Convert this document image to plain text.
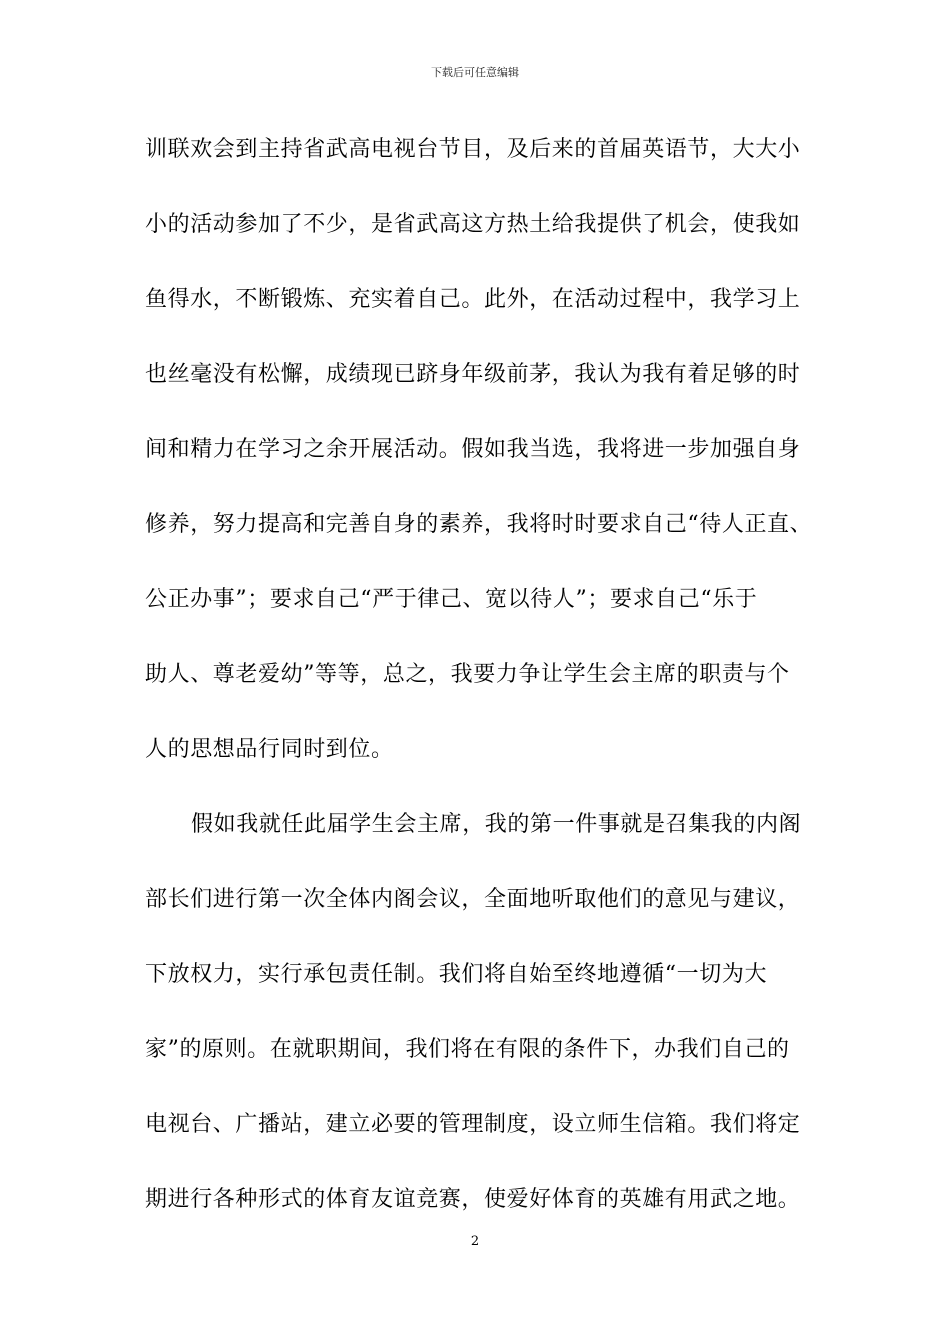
下载后可任意编辑
训联欢会到主持省武高电视台节目，及后来的首届英语节，大大小
小的活动参加了不少，是省武高这方热土给我提供了机会，使我如
鱼得水，不断锻炼、充实着自己。此外，在活动过程中，我学习上
也丝毫没有松懈，成绩现已跻身年级前茅，我认为我有着足够的时
间和精力在学习之余开展活动。假如我当选，我将进一步加强自身
修养，努力提高和完善自身的素养，我将时时要求自己“待人正直、
公正办事”；要求自己“严于律己、宽以待人”；要求自己“乐于
助人、尊老爱幼”等等，总之，我要力争让学生会主席的职责与个
人的思想品行同时到位。
假如我就任此届学生会主席，我的第一件事就是召集我的内阁
部长们进行第一次全体内阁会议，全面地听取他们的意见与建议，
下放权力，实行承包责任制。我们将自始至终地遵循“一切为大
家”的原则。在就职期间，我们将在有限的条件下，办我们自己的
电视台、广播站，建立必要的管理制度，设立师生信箱。我们将定
期进行各种形式的体育友谊竞赛，使爱好体育的英雄有用武之地。
2
